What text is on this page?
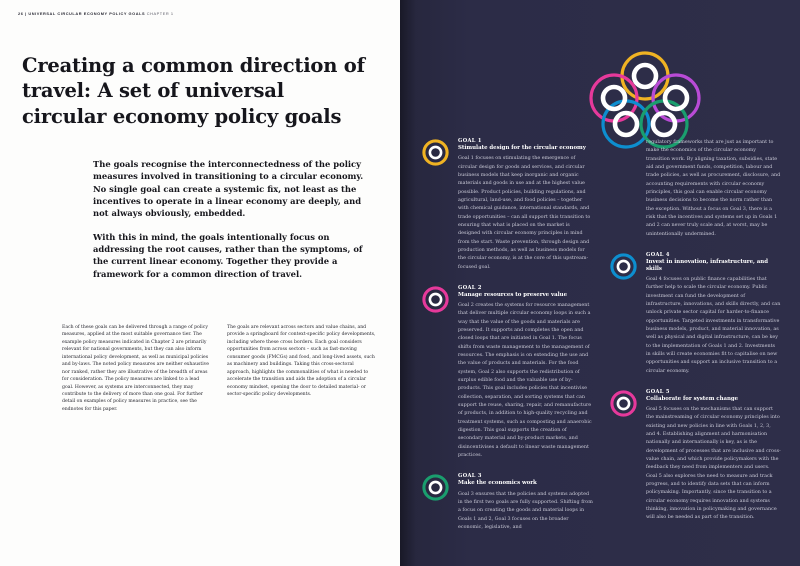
26 | UNIVERSAL CIRCULAR ECONOMY POLICY GOALS CHAPTER 1
Creating a common direction of travel: A set of universal circular economy policy goals

The goals recognise the interconnectedness of the policy measures involved in transitioning to a circular economy. No single goal can create a systemic fix, not least as the incentives to operate in a linear economy are deeply, and not always obviously, embedded.

With this in mind, the goals intentionally focus on addressing the root causes, rather than the symptoms, of the current linear economy. Together they provide a framework for a common direction of travel.

Each of these goals can be delivered through a range of policy measures, applied at the most suitable governance tier. The example policy measures indicated in Chapter 2 are primarily relevant for national governments, but they can also inform international policy development, as well as municipal policies and by-laws. The noted policy measures are neither exhaustive nor ranked, rather they are illustrative of the breadth of areas for consideration. The policy measures are linked to a lead goal. However, as systems are interconnected, they may contribute to the delivery of more than one goal. For further detail on examples of policy measures in practice, see the endnotes for this paper.

The goals are relevant across sectors and value chains, and provide a springboard for context-specific policy developments, including where these cross borders. Each goal considers opportunities from across sectors – such as fast-moving consumer goods (FMCGs) and food, and long-lived assets, such as machinery and buildings. Taking this cross-sectoral approach, highlights the commonalities of what is needed to accelerate the transition and aids the adoption of a circular economy mindset, opening the door to detailed material- or sector-specific policy developments.

GOAL 1
Stimulate design for the circular economy

Goal 1 focuses on stimulating the emergence of circular design for goods and services, and circular business models that keep inorganic and organic materials and goods in use and at the highest value possible. Product policies, building regulations, and agricultural, land-use, and food policies – together with chemical guidance, international standards, and trade opportunities – can all support this transition to ensuring that what is placed on the market is designed with circular economy principles in mind from the start. Waste prevention, through design and production methods, as well as business models for the circular economy, is at the core of this upstream-focused goal.

GOAL 2
Manage resources to preserve value

Goal 2 creates the systems for resource management that deliver multiple circular economy loops in such a way that the value of the goods and materials are preserved. It supports and completes the open and closed loops that are initiated in Goal 1. The focus shifts from waste management to the management of resources. The emphasis is on extending the use and the value of products and materials. For the food system, Goal 2 also supports the redistribution of surplus edible food and the valuable use of by-products. This goal includes policies that incentivise collection, separation, and sorting systems that can support the reuse, sharing, repair, and remanufacture of products, in addition to high-quality recycling and treatment systems, such as composting and anaerobic digestion. This goal supports the creation of secondary material and by-product markets, and disincentivises a default to linear waste management practices.

GOAL 3
Make the economics work

Goal 3 ensures that the policies and systems adopted in the first two goals are fully supported. Shifting from a focus on creating the goods and material loops in Goals 1 and 2, Goal 3 focuses on the broader economic, legislative, and

regulatory frameworks that are just as important to make the economics of the circular economy transition work. By aligning taxation, subsidies, state aid and government funds, competition, labour and trade policies, as well as procurement, disclosure, and accounting requirements with circular economy principles, this goal can enable circular economy business decisions to become the norm rather than the exception. Without a focus on Goal 3, there is a risk that the incentives and systems set up in Goals 1 and 2 can never truly scale and, at worst, may be unintentionally undermined.

GOAL 4
Invest in innovation, infrastructure, and skills

Goal 4 focuses on public finance capabilities that further help to scale the circular economy. Public investment can fund the development of infrastructure, innovations, and skills directly, and can unlock private sector capital for harder-to-finance opportunities. Targeted investments in transformative business models, product, and material innovation, as well as physical and digital infrastructure, can be key to the implementation of Goals 1 and 2. Investments in skills will create economies fit to capitalise on new opportunities and support an inclusive transition to a circular economy.

GOAL 5
Collaborate for system change

Goal 5 focuses on the mechanisms that can support the mainstreaming of circular economy principles into existing and new policies in line with Goals 1, 2, 3, and 4. Establishing alignment and harmonisation nationally and internationally is key, as is the development of processes that are inclusive and cross-value chain, and which provide policymakers with the feedback they need from implementers and users. Goal 5 also explores the need to measure and track progress, and to identify data sets that can inform policymaking. Importantly, since the transition to a circular economy requires innovation and systems thinking, innovation in policymaking and governance will also be needed as part of the transition.
